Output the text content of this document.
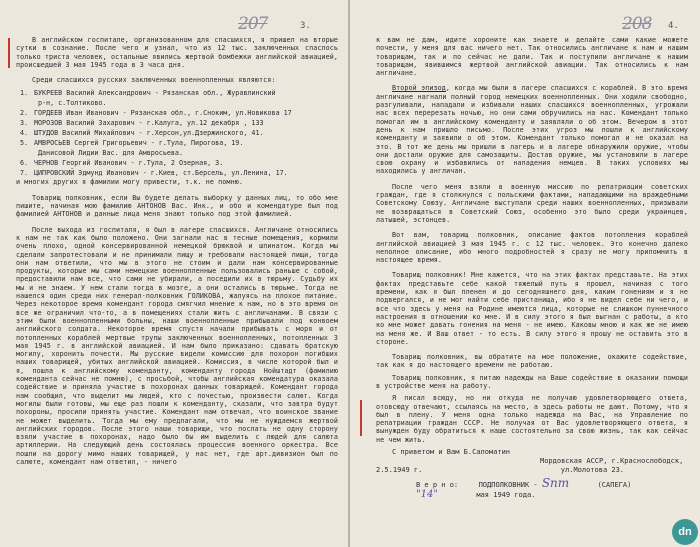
207	3.

В английском госпитале, организованном для спасшихся, я пришел на вторые сутки в сознание. После чего и узнал, что из 12 тыс. заключенных спаслось только триста человек, остальные явились жертвой бомбежки английской авиацией, происшедшей 3 мая 1945 года в 3 часа дня.

Среди спасшихся русских заключенных военнопленных являются:

1. БУКРЕЕВ Василий Александрович - Рязанская обл., Журавлинский
р-н, с.Толтиково.
2. ГОРДЕЕВ Иван Иванович - Рязанская обл., г.Сноким, ул.Новикова 17
3. МОРОЗОВ Василий Захарович - г.Калуга, ул.12 декабря , 133
4. ШТУДОВ Василий Михайлович - г.Херсон,ул.Дзержинского, 41.
5. АМВРОСЬЕВ Сергей Григорьевич - г.Тула, Пирогова, 19.
Данисовой Лидии Вас. для Амвросьева.
6. ЧЕРНОВ Георгий Иванович - г.Тула, 2 Озерная, 3.
7. ЦИПРОВСКИЙ Эдмунд Иванович - г.Киев, ст.Берсель, ул.Ленина, 17.

и многих других я фамилии могу привести, т.к. не помню.

Товарищ полковник, если Вы будете делать выборку у данных лиц, то обо мне пишите, начиная мою фамилию АНТОНОВ Вас. Инк., и обо и комендатуре был под фамилией АНТОНОВ и данные лица меня знают только под этой фамилией.

После выхода из госпиталя, я был в лагере спасшихся. Англичане относились к нам не так как было положено. Они загнали нас в тесные помещения, кормили очень плохо, одной консервированной немецкой брюквой и шпинатом. Когда мы сделали запротестовали и не принимали пищу и требовали настоящей пищи, тогда они нам ответили, что мы в этого не стоим и дали нам консервированные продукты, которые мы сами немецкие военнопленные пользовались раньше с собой, предоставили нам все, что сами не убирали, а поседили их в тюрьму. Судьбу их мы и не знаем. У нем стали тогда в мозге, а они остались в тюрьме. Тогда не нашелся один среди них генерал-полковник ГОЛИКОВА, жалуясь на плохое питание. Через некоторое время комендант города смягчил мнение к нам, но в это время он все же ограничил что-то, а в помещениях стали жить с англичанами. В связи с этим были военнопленными больны, наши военнопленные прибывали под конвоем английского солдата. Некоторое время спустя начали прибывать с моря и от потопленных кораблей мертвые трупы заключенных военнопленных, потопленных 3 мая 1945 г. в английской авиацией. И нам было приказано: сдавать братскую могилу, хоронить почести. Мы русские видели комиссию для похорон погибших наших товарищей, убитых английской авиацией. Комиссия, в числе которой был и я, пошла к английскому коменданту, коменданту города Нойштадт (фамилию коменданта сейчас не помню), с просьбой, чтобы английская комендатура оказала содействие и приняла участие в похоронах данных товарищей. Комендант города нам сообщил, что выделит мы людей, кто с почестью, произвести салют. Когда могилы были готовы, мы еще раз пошли к коменданту, сказали, что завтра будут похороны, просили принять участие. Комендант нам отвечал, что воинское звание не может выделить. Тогда мы ему предлагали, что мы не нуждаемся жертвой английских городов. После этого наши товарищи, что послать не одну сторону взяли участие в похоронах, надо было бы им выделить с людей для салюта артиллерии. На следующий день состоялась процессия военного оркестра. Все пошли на дорогу мимо наших товарищей, у нас нет, где арт.дивизион был по салюте, комендант нам ответил, - ничего

208 4.

к вам не дам, идите хороните как знаете и делайте сами какие можете почести, у меня для вас ничего нет. Так относились англичане к нам и нашим товарищам, так и по сейчас не дали. Так и поступили англичане к нашим товарищам, явившимся жертвой английской авиации. Так относились к нам англичане.

Второй эпизод, когда мы были в лагере спасшихся с кораблей. В это время англичане нагнали полный город немецких военнопленных. Они ходили свободно, разгуливали, нападали и избивали наших спасшихся военнопленных, угрожали нас всех перерезать ночью, но они сами обручились на нас. Комендант только помогал им в английскому коменданту и заявляли о об этом. Вечером в этот день к нам пришло письмо. После этих угроз мы пошли к английскому коменданту и заявили о об этом. Комендант только помогал и не оказал на это. В тот же день мы пришли в лагерь и в лагере обнаружили оружие, чтобы они достали оружие для самозащиты. Достав оружие, мы установили в лагере свою охрану и избавились от нападения немцев. В таких условиях мы находились у англичан.

После чего меня взяли в военную миссию по репатриации советских граждан, где я столкнулся с польскими фактами, нападающими на враждебными Советскому Союзу. Англичане выступали среди наших военнопленных, призывали не возвращаться в Советский Союз, особенно это было среди украинцев, латышей, эстонцев.

Вот вам, товарищ полковник, описание фактов потопления кораблей английской авиацией 3 мая 1945 г. с 12 тыс. человек. Это конечно далеко неполное описание, ибо много подробностей я сразу не могу припомнить в настоящее время.

Товарищ полковник! Мне кажется, что на этих фактах представьте. На этих фактах представьте себе какой тяжелый путь я прошел, начиная с того времени, как я был пленен и до сегодняшнего дня, каким гонениям и я не подвергался, и не мог найти себе пристанища, ибо я не видел себе ни чего, и все что здесь у меня на Родине имеются лица, которые не слишком пуннечного настроения в отношении ко мне. И в силу этого я был выгнан с работы, а кто ко мне может давать гонения на меня - не имею. Каковы мною и как же не имею на меня же. И Ваш ответ - то есть. В силу этого я прошу не оставить это в стороне.

Товарищ полковник, вы обратите на мое положение, окажите содействие, так как я до настоящего времени не работаю.

Товарищ полковник, я питаю надежды на Ваше содействие в оказании помощи в устройстве меня на работу.

Я писал всюду, но ни откуда не получаю удовлетворяющего ответа, отовсюду отвечают, ссылаясь на место, а здесь работы не дают. Потому, что я был в плену. У меня одна только надежда на Вас, на Управление по репатриации граждан СССР. Не получая от Вас удовлетворяющего ответа, я вынужден буду обратиться к наше состоятельно за свою жизнь, так как сейчас не чем жить.

С приветом и Вам Б.Саломатин
Мордовская АССР, г.Краснослободск,
2.5.1949 г.	ул.Молотова 23.
В е р н о:	ПОДПОЛКОВНИК - Snm	(САПЕГА)
"14"	мая 1949 года.
dn
